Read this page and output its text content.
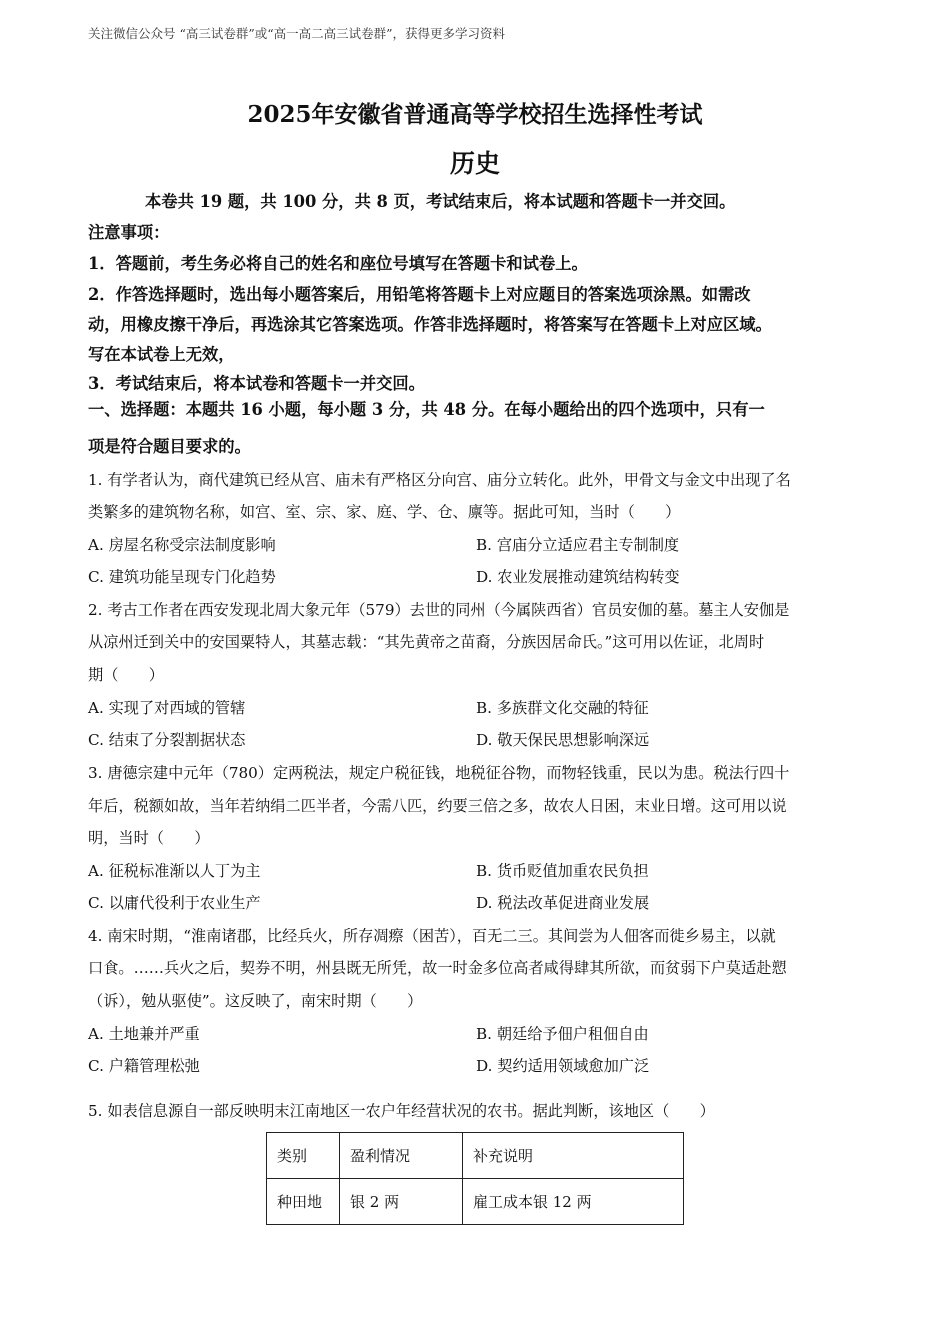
关注微信公众号 “高三试卷群”或“高一高二高三试卷群”，获得更多学习资料
2025年安徽省普通高等学校招生选择性考试
历史
本卷共 19 题，共 100 分，共 8 页，考试结束后，将本试题和答题卡一并交回。
注意事项：
1．答题前，考生务必将自己的姓名和座位号填写在答题卡和试卷上。
2．作答选择题时，选出每小题答案后，用铅笔将答题卡上对应题目的答案选项涂黑。如需改
动，用橡皮擦干净后，再选涂其它答案选项。作答非选择题时，将答案写在答题卡上对应区域。
写在本试卷上无效，
3．考试结束后，将本试卷和答题卡一并交回。
一、选择题：本题共 16 小题，每小题 3 分，共 48 分。在每小题给出的四个选项中，只有一
项是符合题目要求的。
1. 有学者认为，商代建筑已经从宫、庙未有严格区分向宫、庙分立转化。此外，甲骨文与金文中出现了名
类繁多的建筑物名称，如宫、室、宗、家、庭、学、仓、廪等。据此可知，当时（　　）
A. 房屋名称受宗法制度影响	B. 宫庙分立适应君主专制制度
C. 建筑功能呈现专门化趋势	D. 农业发展推动建筑结构转变
2. 考古工作者在西安发现北周大象元年（579）去世的同州（今属陕西省）官员安伽的墓。墓主人安伽是
从凉州迁到关中的安国粟特人，其墓志载：“其先黄帝之苗裔，分族因居命氏。”这可用以佐证，北周时
期（　　）
A. 实现了对西域的管辖	B. 多族群文化交融的特征
C. 结束了分裂割据状态	D. 敬天保民思想影响深远
3. 唐德宗建中元年（780）定两税法，规定户税征钱，地税征谷物，而物轻钱重，民以为患。税法行四十
年后，税额如故，当年若纳绢二匹半者，今需八匹，约要三倍之多，故农人日困，末业日增。这可用以说
明，当时（　　）
A. 征税标准渐以人丁为主	B. 货币贬值加重农民负担
C. 以庸代役利于农业生产	D. 税法改革促进商业发展
4. 南宋时期，“淮南诸郡，比经兵火，所存凋瘵（困苦），百无二三。其间尝为人佃客而徙乡易主，以就
口食。……兵火之后，契券不明，州县既无所凭，故一时金多位高者咸得肆其所欲，而贫弱下户莫适赴愬
（诉），勉从驱使”。这反映了，南宋时期（　　）
A. 土地兼并严重	B. 朝廷给予佃户租佃自由
C. 户籍管理松弛	D. 契约适用领域愈加广泛
5. 如表信息源自一部反映明末江南地区一农户年经营状况的农书。据此判断，该地区（　　）
类别	盈利情况	补充说明
种田地	银 2 两	雇工成本银 12 两
